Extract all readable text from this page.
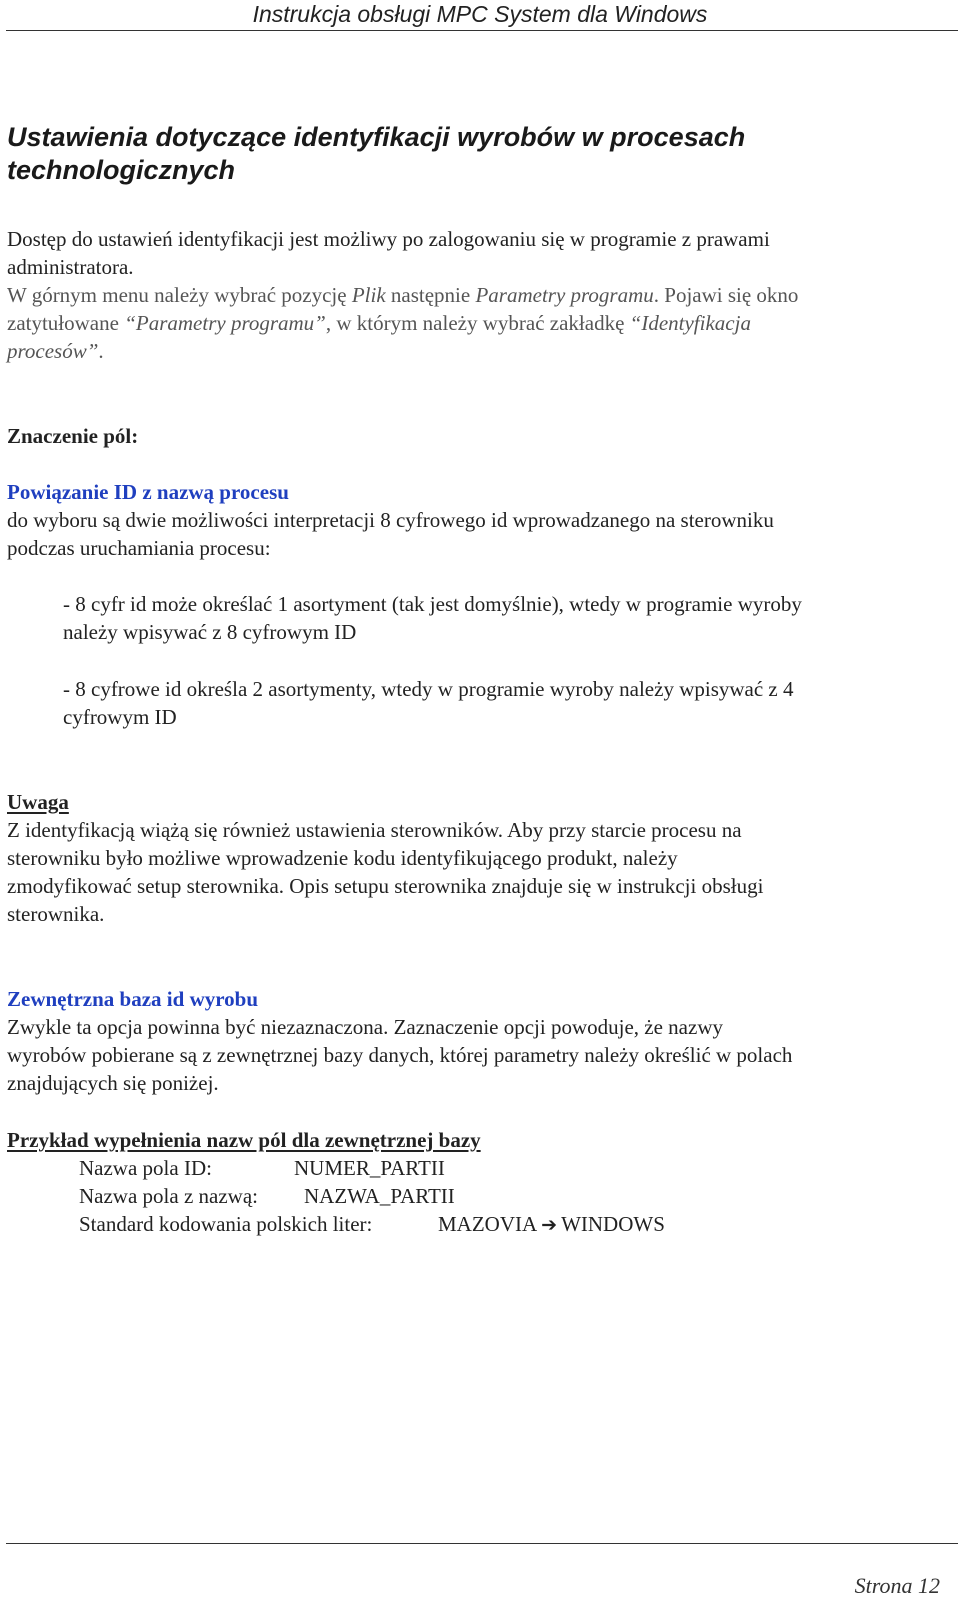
Instrukcja obsługi MPC System dla Windows
Ustawienia dotyczące identyfikacji wyrobów w procesach
technologicznych
Dostęp do ustawień identyfikacji jest możliwy po zalogowaniu się w programie z prawami
administratora.
W górnym menu należy wybrać pozycję Plik następnie Parametry programu. Pojawi się okno
zatytułowane “Parametry programu”, w którym należy wybrać zakładkę “Identyfikacja
procesów”.
Znaczenie pól:
Powiązanie ID z nazwą procesu
do wyboru są dwie możliwości interpretacji 8 cyfrowego id wprowadzanego na sterowniku
podczas uruchamiania procesu:
- 8 cyfr id może określać 1 asortyment (tak jest domyślnie), wtedy w programie wyroby
należy wpisywać z 8 cyfrowym ID
- 8 cyfrowe id określa 2 asortymenty, wtedy w programie wyroby należy wpisywać z 4
cyfrowym ID
Uwaga
Z identyfikacją wiążą się również ustawienia sterowników. Aby przy starcie procesu na
sterowniku było możliwe wprowadzenie kodu identyfikującego produkt, należy
zmodyfikować setup sterownika. Opis setupu sterownika znajduje się w instrukcji obsługi
sterownika.
Zewnętrzna baza id wyrobu
Zwykle ta opcja powinna być niezaznaczona. Zaznaczenie opcji powoduje, że nazwy
wyrobów pobierane są z zewnętrznej bazy danych, której parametry należy określić w polach
znajdujących się poniżej.
Przykład wypełnienia nazw pól dla zewnętrznej bazy
Nazwa pola ID:	NUMER_PARTII
Nazwa pola z nazwą: NAZWA_PARTII
Standard kodowania polskich liter:	MAZOVIA ➔ WINDOWS
Strona 12
